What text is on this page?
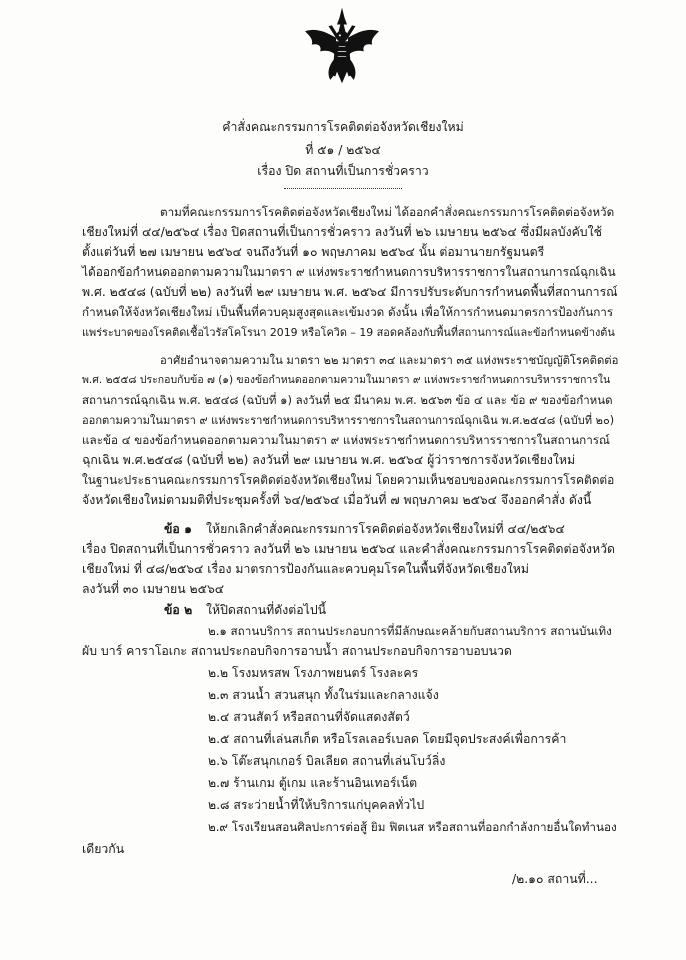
คำสั่งคณะกรรมการโรคติดต่อจังหวัดเชียงใหม่
ที่ ๕๑ / ๒๕๖๔
เรื่อง ปิด สถานที่เป็นการชั่วคราว
ตามที่คณะกรรมการโรคติดต่อจังหวัดเชียงใหม่ ได้ออกคำสั่งคณะกรรมการโรคติดต่อจังหวัด
เชียงใหม่ที่ ๔๔/๒๕๖๔ เรื่อง ปิดสถานที่เป็นการชั่วคราว ลงวันที่ ๒๖ เมษายน ๒๕๖๔ ซึ่งมีผลบังคับใช้
ตั้งแต่วันที่ ๒๗ เมษายน ๒๕๖๔ จนถึงวันที่ ๑๐ พฤษภาคม ๒๕๖๔ นั้น ต่อมานายกรัฐมนตรี
ได้ออกข้อกำหนดออกตามความในมาตรา ๙ แห่งพระราชกำหนดการบริหารราชการในสถานการณ์ฉุกเฉิน
พ.ศ. ๒๕๔๘ (ฉบับที่ ๒๒) ลงวันที่ ๒๙ เมษายน พ.ศ. ๒๕๖๔ มีการปรับระดับการกำหนดพื้นที่สถานการณ์
กำหนดให้จังหวัดเชียงใหม่ เป็นพื้นที่ควบคุมสูงสุดและเข้มงวด ดังนั้น เพื่อให้การกำหนดมาตรการป้องกันการ
แพร่ระบาดของโรคติดเชื้อไวรัสโคโรนา 2019 หรือโควิด – 19 สอดคล้องกับพื้นที่สถานการณ์และข้อกำหนดข้างต้น
อาศัยอำนาจตามความใน มาตรา ๒๒ มาตรา ๓๔ และมาตรา ๓๕ แห่งพระราชบัญญัติโรคติดต่อ
พ.ศ. ๒๕๕๘ ประกอบกับข้อ ๗ (๑) ของข้อกำหนดออกตามความในมาตรา ๙ แห่งพระราชกำหนดการบริหารราชการใน
สถานการณ์ฉุกเฉิน พ.ศ. ๒๕๔๘ (ฉบับที่ ๑) ลงวันที่ ๒๕ มีนาคม พ.ศ. ๒๕๖๓ ข้อ ๔ และ ข้อ ๙ ของข้อกำหนด
ออกตามความในมาตรา ๙ แห่งพระราชกำหนดการบริหารราชการในสถานการณ์ฉุกเฉิน พ.ศ.๒๕๔๘ (ฉบับที่ ๒๐)
และข้อ ๔ ของข้อกำหนดออกตามความในมาตรา ๙ แห่งพระราชกำหนดการบริหารราชการในสถานการณ์
ฉุกเฉิน พ.ศ.๒๕๔๘ (ฉบับที่ ๒๒) ลงวันที่ ๒๙ เมษายน พ.ศ. ๒๕๖๔ ผู้ว่าราชการจังหวัดเชียงใหม่
ในฐานะประธานคณะกรรมการโรคติดต่อจังหวัดเชียงใหม่ โดยความเห็นชอบของคณะกรรมการโรคติดต่อ
จังหวัดเชียงใหม่ตามมติที่ประชุมครั้งที่ ๖๔/๒๕๖๔ เมื่อวันที่ ๗ พฤษภาคม ๒๕๖๔ จึงออกคำสั่ง ดังนี้
ข้อ ๑ ให้ยกเลิกคำสั่งคณะกรรมการโรคติดต่อจังหวัดเชียงใหม่ที่ ๔๔/๒๕๖๔
เรื่อง ปิดสถานที่เป็นการชั่วคราว ลงวันที่ ๒๖ เมษายน ๒๕๖๔ และคำสั่งคณะกรรมการโรคติดต่อจังหวัด
เชียงใหม่ ที่ ๔๘/๒๕๖๔ เรื่อง มาตรการป้องกันและควบคุมโรคในพื้นที่จังหวัดเชียงใหม่
ลงวันที่ ๓๐ เมษายน ๒๕๖๔
ข้อ ๒ ให้ปิดสถานที่ดังต่อไปนี้
๒.๑ สถานบริการ สถานประกอบการที่มีลักษณะคล้ายกับสถานบริการ สถานบันเทิง
ผับ บาร์ คาราโอเกะ สถานประกอบกิจการอาบน้ำ สถานประกอบกิจการอาบอบนวด
๒.๒ โรงมหรสพ โรงภาพยนตร์ โรงละคร
๒.๓ สวนน้ำ สวนสนุก ทั้งในร่มและกลางแจ้ง
๒.๔ สวนสัตว์ หรือสถานที่จัดแสดงสัตว์
๒.๕ สถานที่เล่นสเก็ต หรือโรลเลอร์เบลด โดยมีจุดประสงค์เพื่อการค้า
๒.๖ โต๊ะสนุกเกอร์ บิลเลียด สถานที่เล่นโบว์ลิ่ง
๒.๗ ร้านเกม ตู้เกม และร้านอินเทอร์เน็ต
๒.๘ สระว่ายน้ำที่ให้บริการแก่บุคคลทั่วไป
๒.๙ โรงเรียนสอนศิลปะการต่อสู้ ยิม ฟิตเนส หรือสถานที่ออกกำลังกายอื่นใดทำนอง
เดียวกัน
/๒.๑๐ สถานที่...
